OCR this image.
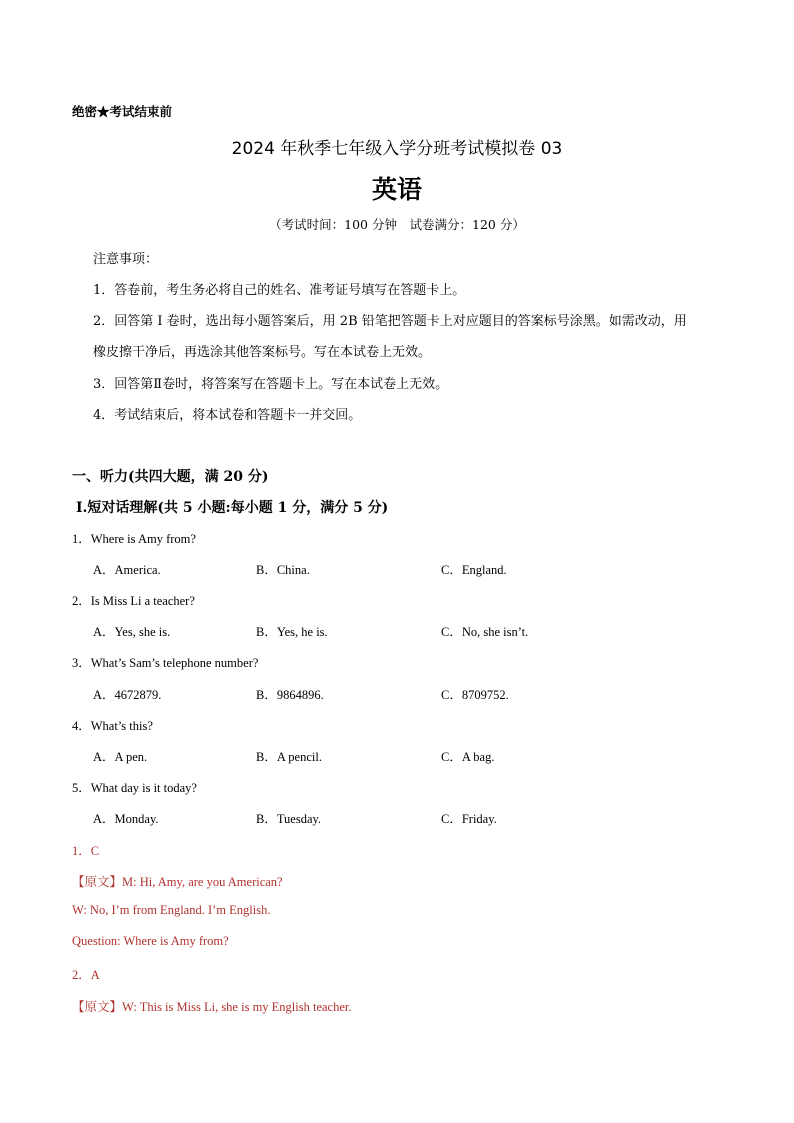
绝密★考试结束前
2024 年秋季七年级入学分班考试模拟卷 03
英语
（考试时间：100 分钟　试卷满分：120 分）
注意事项：
1．答卷前，考生务必将自己的姓名、准考证号填写在答题卡上。
2．回答第 I 卷时，选出每小题答案后，用 2B 铅笔把答题卡上对应题目的答案标号涂黑。如需改动，用
橡皮擦干净后，再选涂其他答案标号。写在本试卷上无效。
3．回答第Ⅱ卷时，将答案写在答题卡上。写在本试卷上无效。
4．考试结束后，将本试卷和答题卡一并交回。
一、听力(共四大题，满 20 分)
Ⅰ.短对话理解(共 5 小题:每小题 1 分，满分 5 分)
1．Where is Amy from?
A．America.	B．China.	C．England.
2．Is Miss Li a teacher?
A．Yes, she is.	B．Yes, he is.	C．No, she isn’t.
3．What’s Sam’s telephone number?
A．4672879.	B．9864896.	C．8709752.
4．What’s this?
A．A pen.	B．A pencil.	C．A bag.
5．What day is it today?
A．Monday.	B．Tuesday.	C．Friday.
1．C
【原文】M: Hi, Amy, are you American?
W: No, I’m from England. I’m English.
Question: Where is Amy from?
2．A
【原文】W: This is Miss Li, she is my English teacher.
